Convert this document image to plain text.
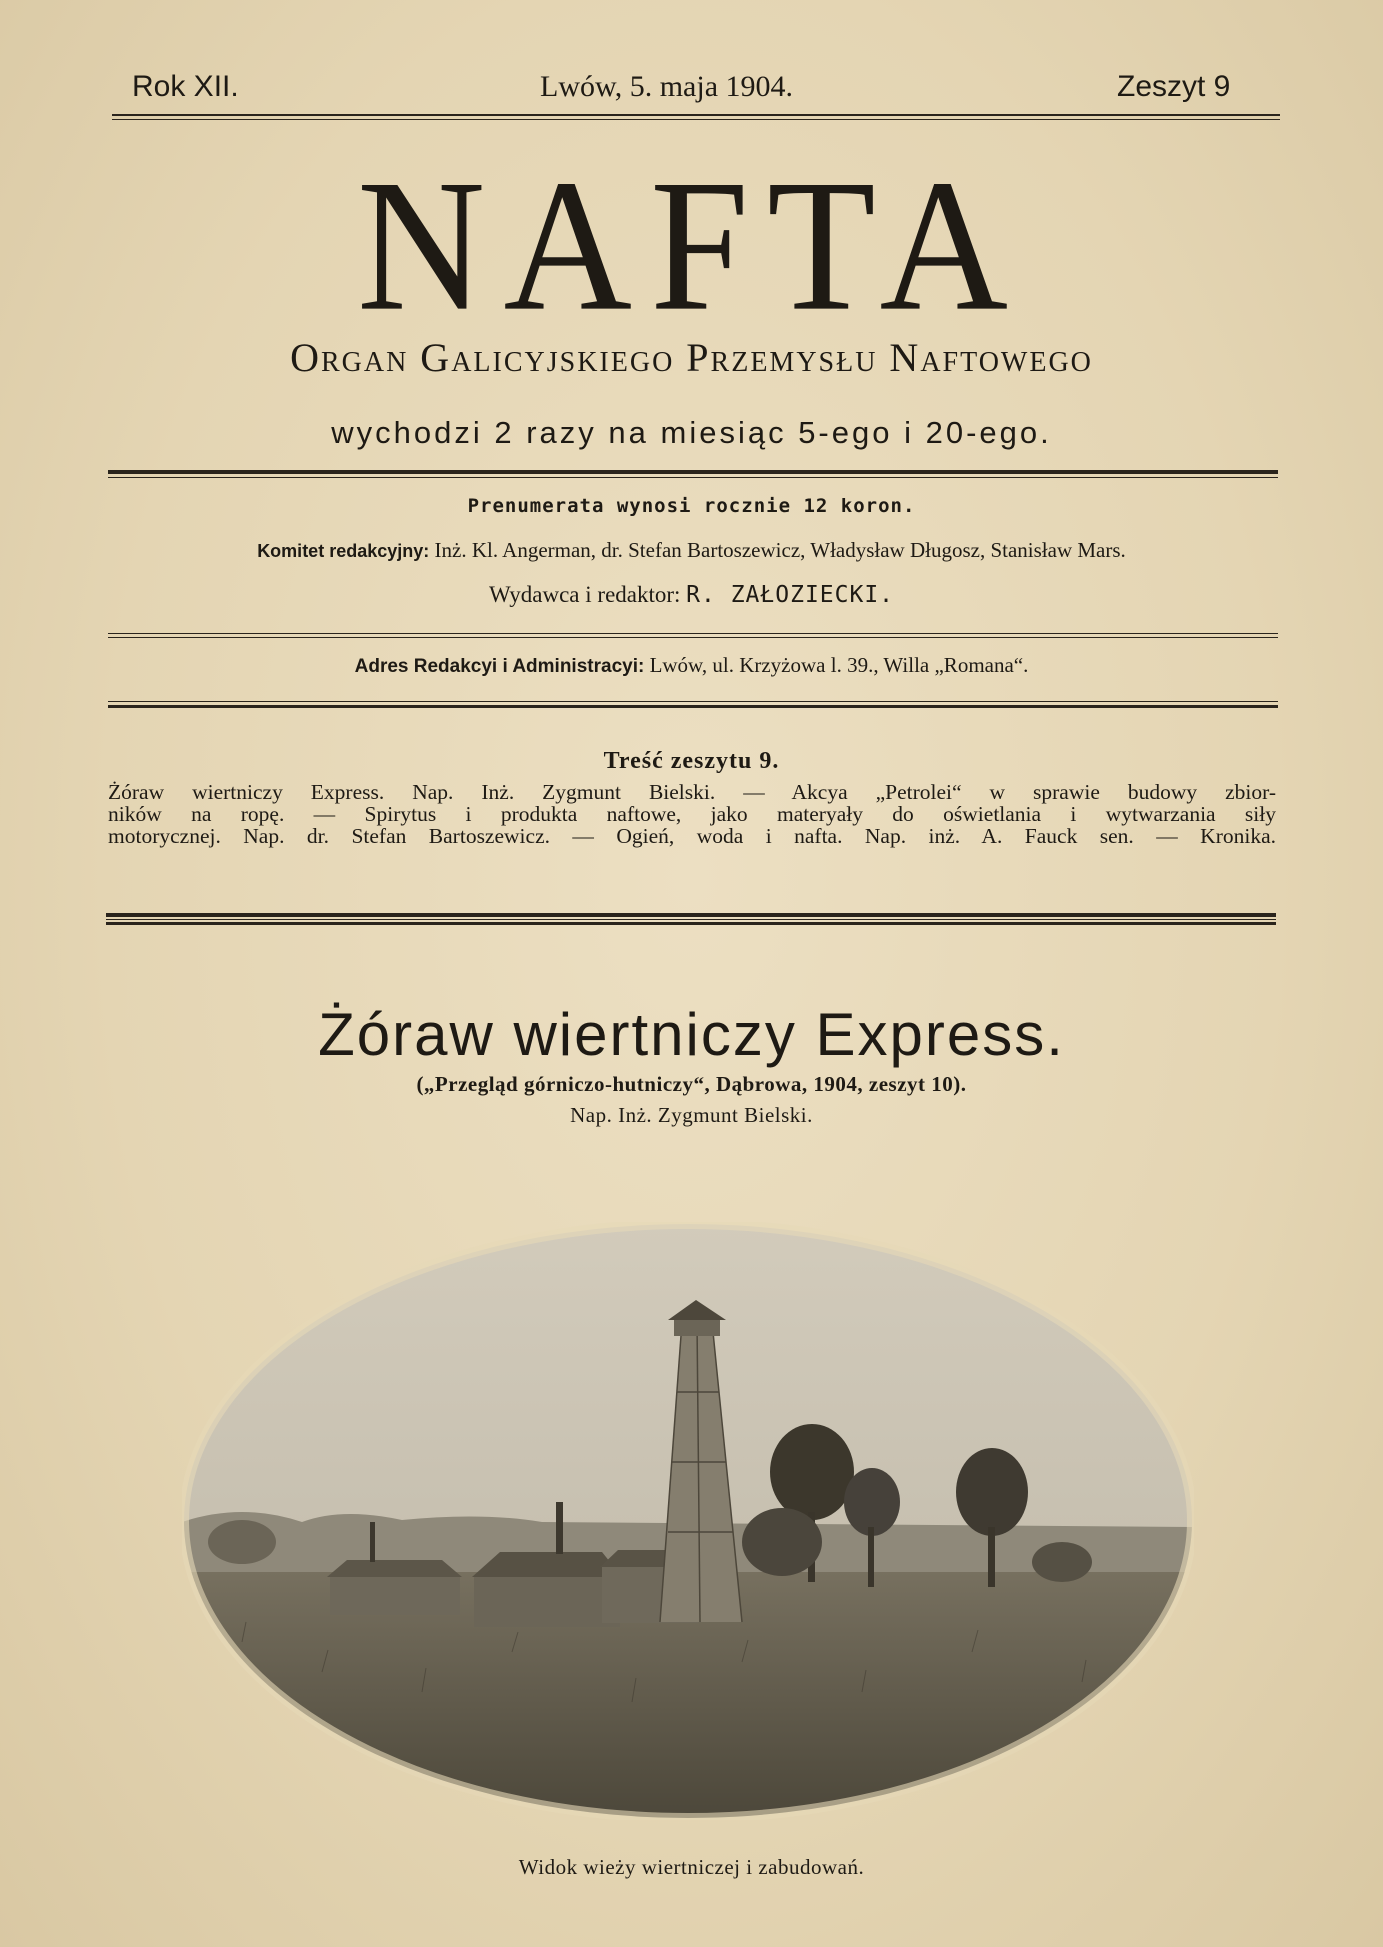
Rok XII.	Lwów, 5. maja 1904.	Zeszyt 9
NAFTA
Organ Galicyjskiego Przemysłu Naftowego
wychodzi 2 razy na miesiąc 5-ego i 20-ego.
Prenumerata wynosi rocznie 12 koron.
Komitet redakcyjny: Inż. Kl. Angerman, dr. Stefan Bartoszewicz, Władysław Długosz, Stanisław Mars.
Wydawca i redaktor: R. ZAŁOZIECKI.
Adres Redakcyi i Administracyi: Lwów, ul. Krzyżowa l. 39., Willa „Romana“.
Treść zeszytu 9.
Żóraw wiertniczy Express. Nap. Inż. Zygmunt Bielski. — Akcya „Petrolei“ w sprawie budowy zbior-
ników na ropę. — Spirytus i produkta naftowe, jako materyały do oświetlania i wytwarzania siły
motorycznej. Nap. dr. Stefan Bartoszewicz. — Ogień, woda i nafta. Nap. inż. A. Fauck sen. — Kronika.
Żóraw wiertniczy Express.
(„Przegląd górniczo-hutniczy“, Dąbrowa, 1904, zeszyt 10).
Nap. Inż. Zygmunt Bielski.
Widok wieży wiertniczej i zabudowań.
